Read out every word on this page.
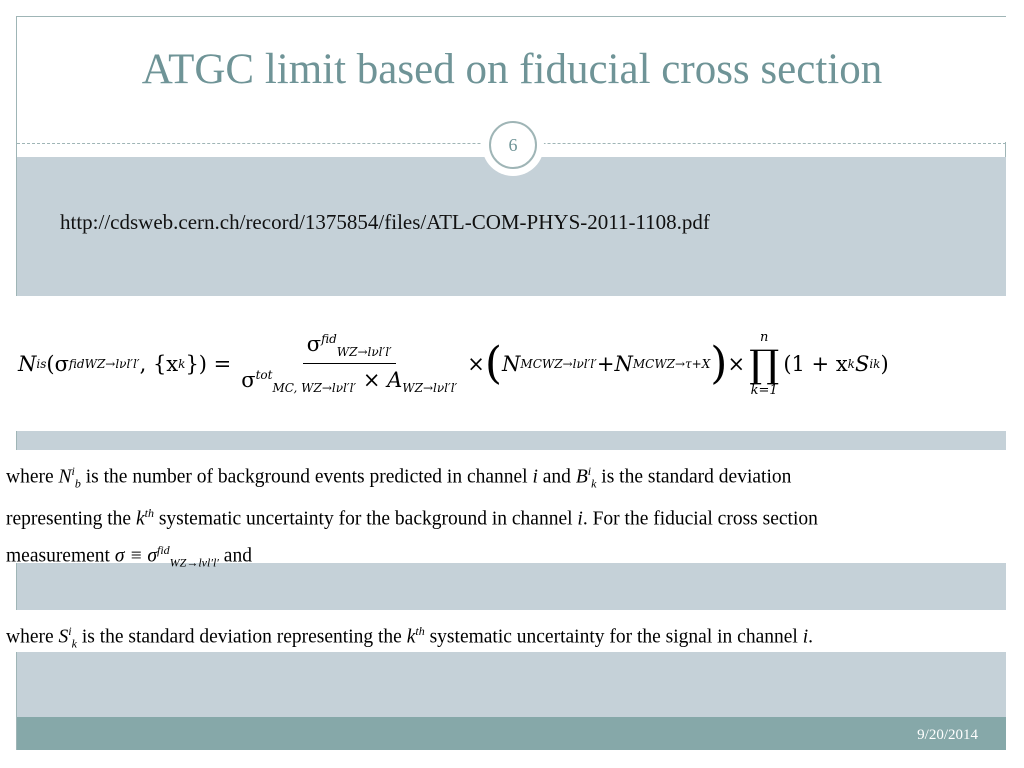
ATGC limit based on fiducial cross section
6
http://cdsweb.cern.ch/record/1375854/files/ATL-COM-PHYS-2011-1108.pdf
N i s (σ fid WZ→lνl′l′ , {x k }) = $\frac{\sigma^{fid}_{WZ\to l\nu l'l'}}{\sigma^{tot}_{MC, WZ\to l\nu l'l'} \times A_{WZ\to l\nu l'l'}}$ × ( N MC WZ→lνl′l′ + N MC WZ→τ+X ) ×
n
∏
k=1
(1 + x k S i k )
where $N^i_b$ is the number of background events predicted in channel i and $B^i_k$ is the standard deviation
representing the $k^{th}$ systematic uncertainty for the background in channel i. For the fiducial cross section
measurement $\sigma \equiv \sigma^{fid}_{WZ\to l\nu l'l'}$ and
where $S^i_k$ is the standard deviation representing the $k^{th}$ systematic uncertainty for the signal in channel i.
9/20/2014
